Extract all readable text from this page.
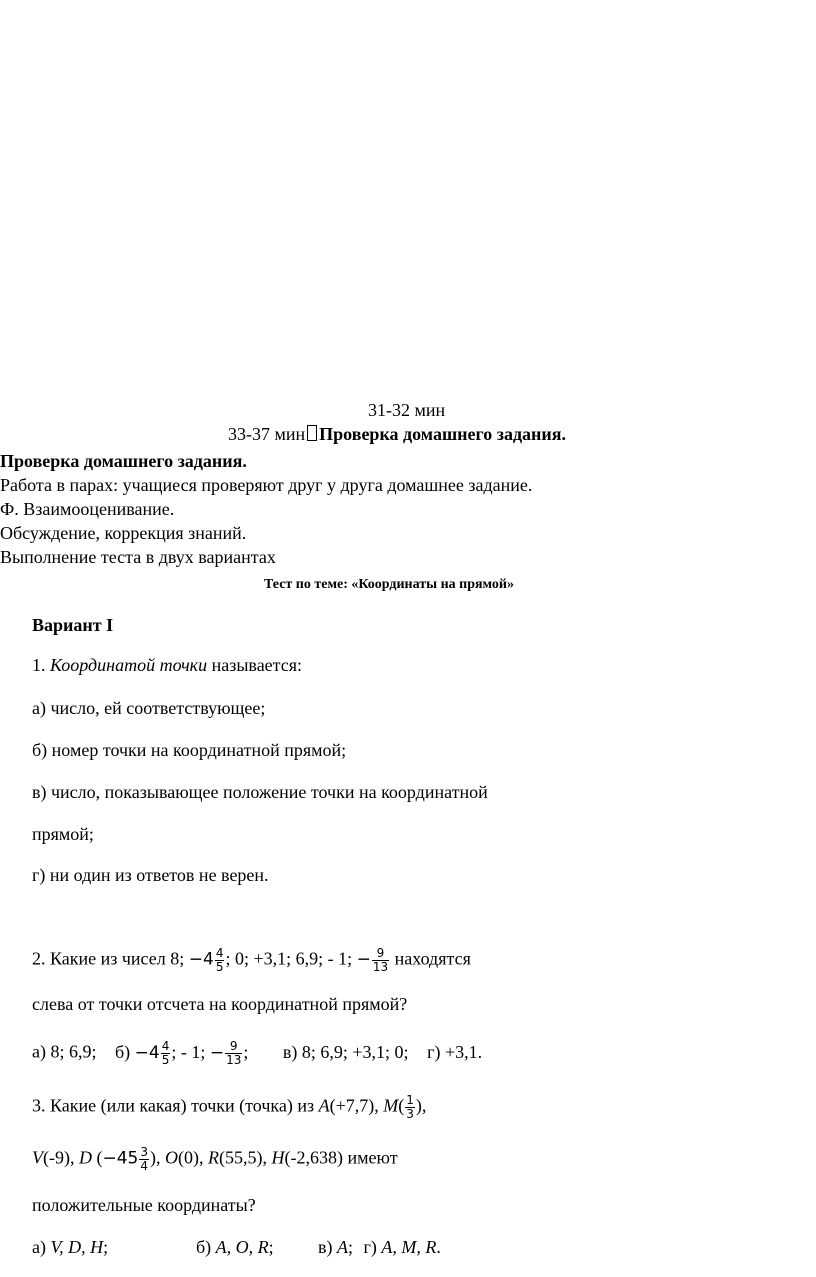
31-32 мин
33-37 мин Проверка домашнего задания.
Проверка домашнего задания.
Работа в парах: учащиеся проверяют друг у друга домашнее задание.
Ф. Взаимооценивание.
Обсуждение, коррекция знаний.
Выполнение теста в двух вариантах
Тест по теме: «Координаты на прямой»
Вариант I
1. Координатой точки называется:
а) число, ей соответствующее;
б) номер точки на координатной прямой;
в) число, показывающее положение точки на координатной
прямой;
г) ни один из ответов не верен.
2. Какие из чисел 8; $-4 \frac{4}{5}$ ; 0; +3,1; 6,9; - 1; − $\frac{9}{13}$ находятся
слева от точки отсчета на координатной прямой?
а) 8; 6,9; $б) -4 \frac{4}{5}$ ; - 1; − $\frac{9}{13}$ ; в) 8; 6,9; +3,1; 0; г) +3,1.
3. Какие (или какая) точки (точка) из A(+7,7), $M( \frac{1}{3}$ ),
V(-9), D ($-45 \frac{3}{4}$ ), O(0), R(55,5), H(-2,638) имеют
положительные координаты?
а) V, D, H;	б) A, O, R; в) A; г) A, M, R.
